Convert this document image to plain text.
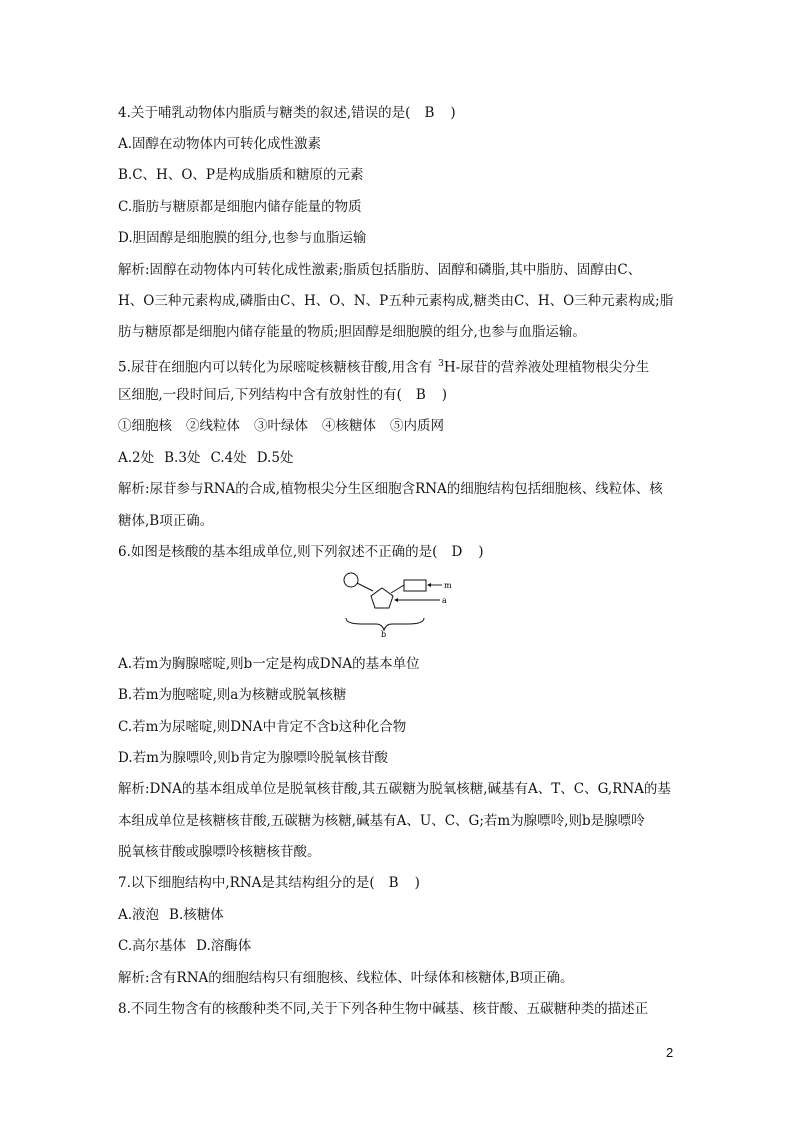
4.关于哺乳动物体内脂质与糖类的叙述,错误的是( B )
A.固醇在动物体内可转化成性激素
B.C、H、O、P是构成脂质和糖原的元素
C.脂肪与糖原都是细胞内储存能量的物质
D.胆固醇是细胞膜的组分,也参与血脂运输
解析:固醇在动物体内可转化成性激素;脂质包括脂肪、固醇和磷脂,其中脂肪、固醇由C、
H、O三种元素构成,磷脂由C、H、O、N、P五种元素构成,糖类由C、H、O三种元素构成;脂
肪与糖原都是细胞内储存能量的物质;胆固醇是细胞膜的组分,也参与血脂运输。
5.尿苷在细胞内可以转化为尿嘧啶核糖核苷酸,用含有 $^3$H-尿苷的营养液处理植物根尖分生
区细胞,一段时间后,下列结构中含有放射性的有( B )
①细胞核 ②线粒体 ③叶绿体 ④核糖体 ⑤内质网
A.2处 B.3处 C.4处 D.5处
解析:尿苷参与RNA的合成,植物根尖分生区细胞含RNA的细胞结构包括细胞核、线粒体、核
糖体,B项正确。
6.如图是核酸的基本组成单位,则下列叙述不正确的是( D )
m
a
b
A.若m为胸腺嘧啶,则b一定是构成DNA的基本单位
B.若m为胞嘧啶,则a为核糖或脱氧核糖
C.若m为尿嘧啶,则DNA中肯定不含b这种化合物
D.若m为腺嘌呤,则b肯定为腺嘌呤脱氧核苷酸
解析:DNA的基本组成单位是脱氧核苷酸,其五碳糖为脱氧核糖,碱基有A、T、C、G,RNA的基
本组成单位是核糖核苷酸,五碳糖为核糖,碱基有A、U、C、G;若m为腺嘌呤,则b是腺嘌呤
脱氧核苷酸或腺嘌呤核糖核苷酸。
7.以下细胞结构中,RNA是其结构组分的是( B )
A.液泡 B.核糖体
C.高尔基体 D.溶酶体
解析:含有RNA的细胞结构只有细胞核、线粒体、叶绿体和核糖体,B项正确。
8.不同生物含有的核酸种类不同,关于下列各种生物中碱基、核苷酸、五碳糖种类的描述正
2
